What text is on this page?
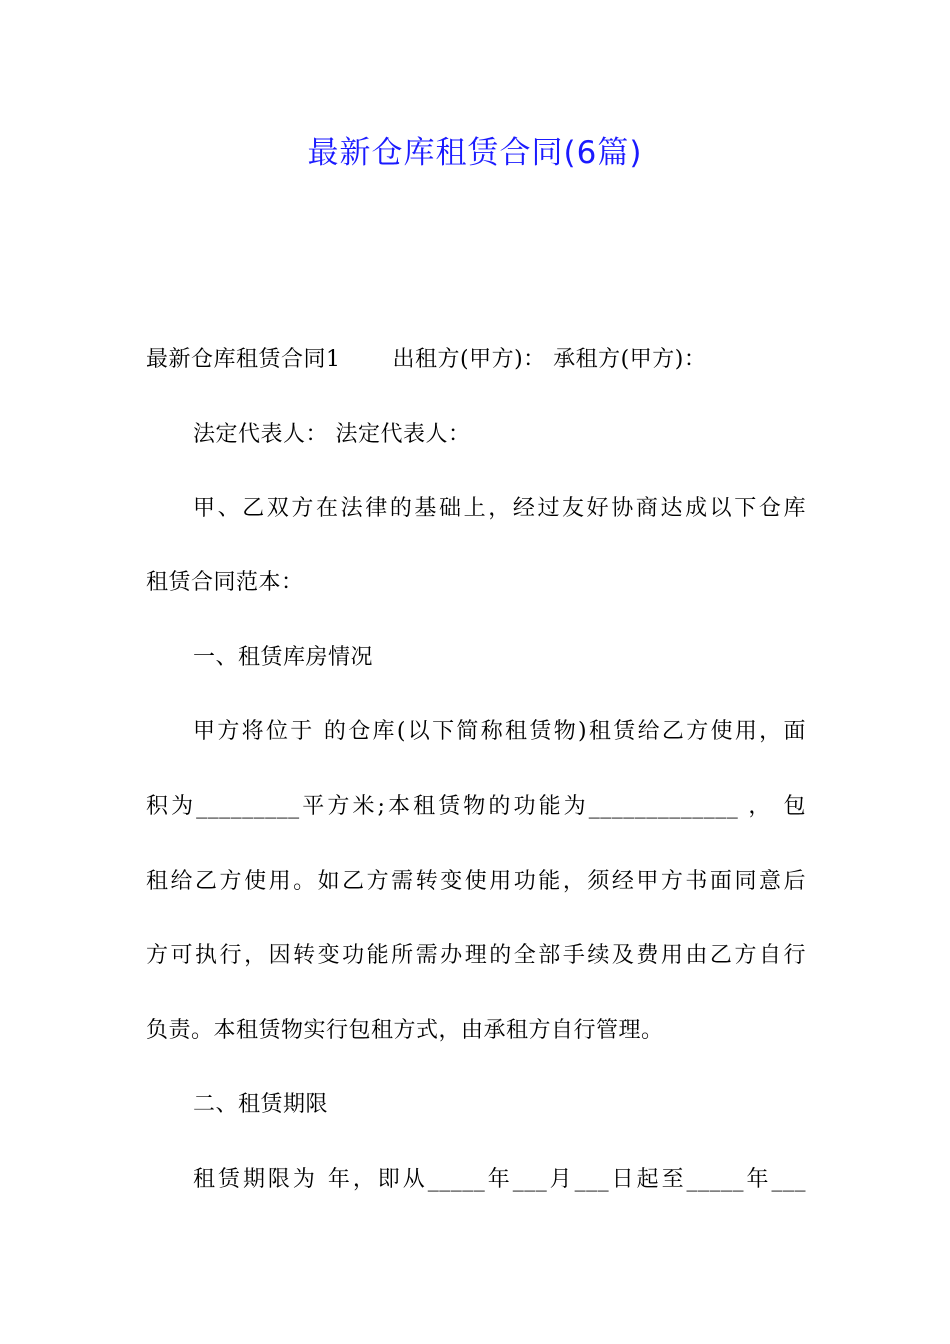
最新仓库租赁合同(6篇)
最新仓库租赁合同1 出租方(甲方)： 承租方(甲方)：
法定代表人： 法定代表人：
甲、乙双方在法律的基础上，经过友好协商达成以下仓库
租赁合同范本：
一、租赁库房情况
甲方将位于 的仓库(以下简称租赁物)租赁给乙方使用，面
积为_________平方米;本租赁物的功能为_____________ ， 包
租给乙方使用。如乙方需转变使用功能，须经甲方书面同意后
方可执行，因转变功能所需办理的全部手续及费用由乙方自行
负责。本租赁物实行包租方式，由承租方自行管理。
二、租赁期限
租赁期限为 年，即从_____年___月___日起至_____年___
